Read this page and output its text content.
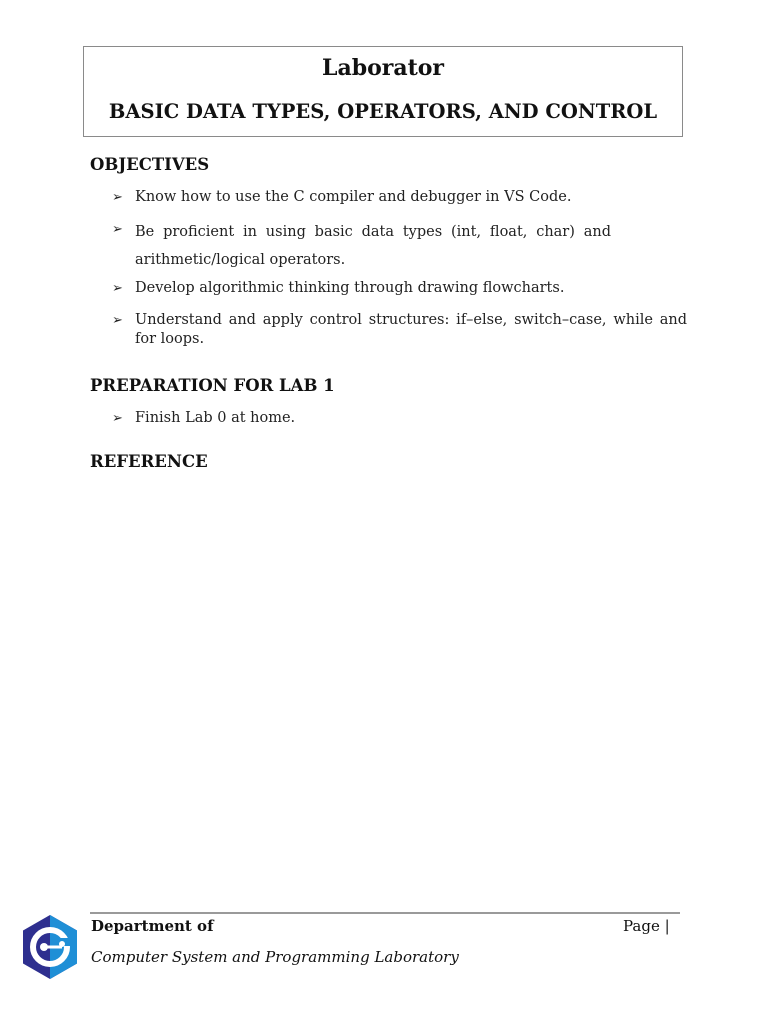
Laborator
BASIC DATA TYPES, OPERATORS, AND CONTROL
OBJECTIVES
➢ Know how to use the C compiler and debugger in VS Code.
➢ Be proficient in using basic data types (int, float, char) and arithmetic/logical operators.
➢ Develop algorithmic thinking through drawing flowcharts.
➢ Understand and apply control structures: if–else, switch–case, while and for loops.
PREPARATION FOR LAB 1
➢ Finish Lab 0 at home.
REFERENCE
Department of	Page |
Computer System and Programming Laboratory
